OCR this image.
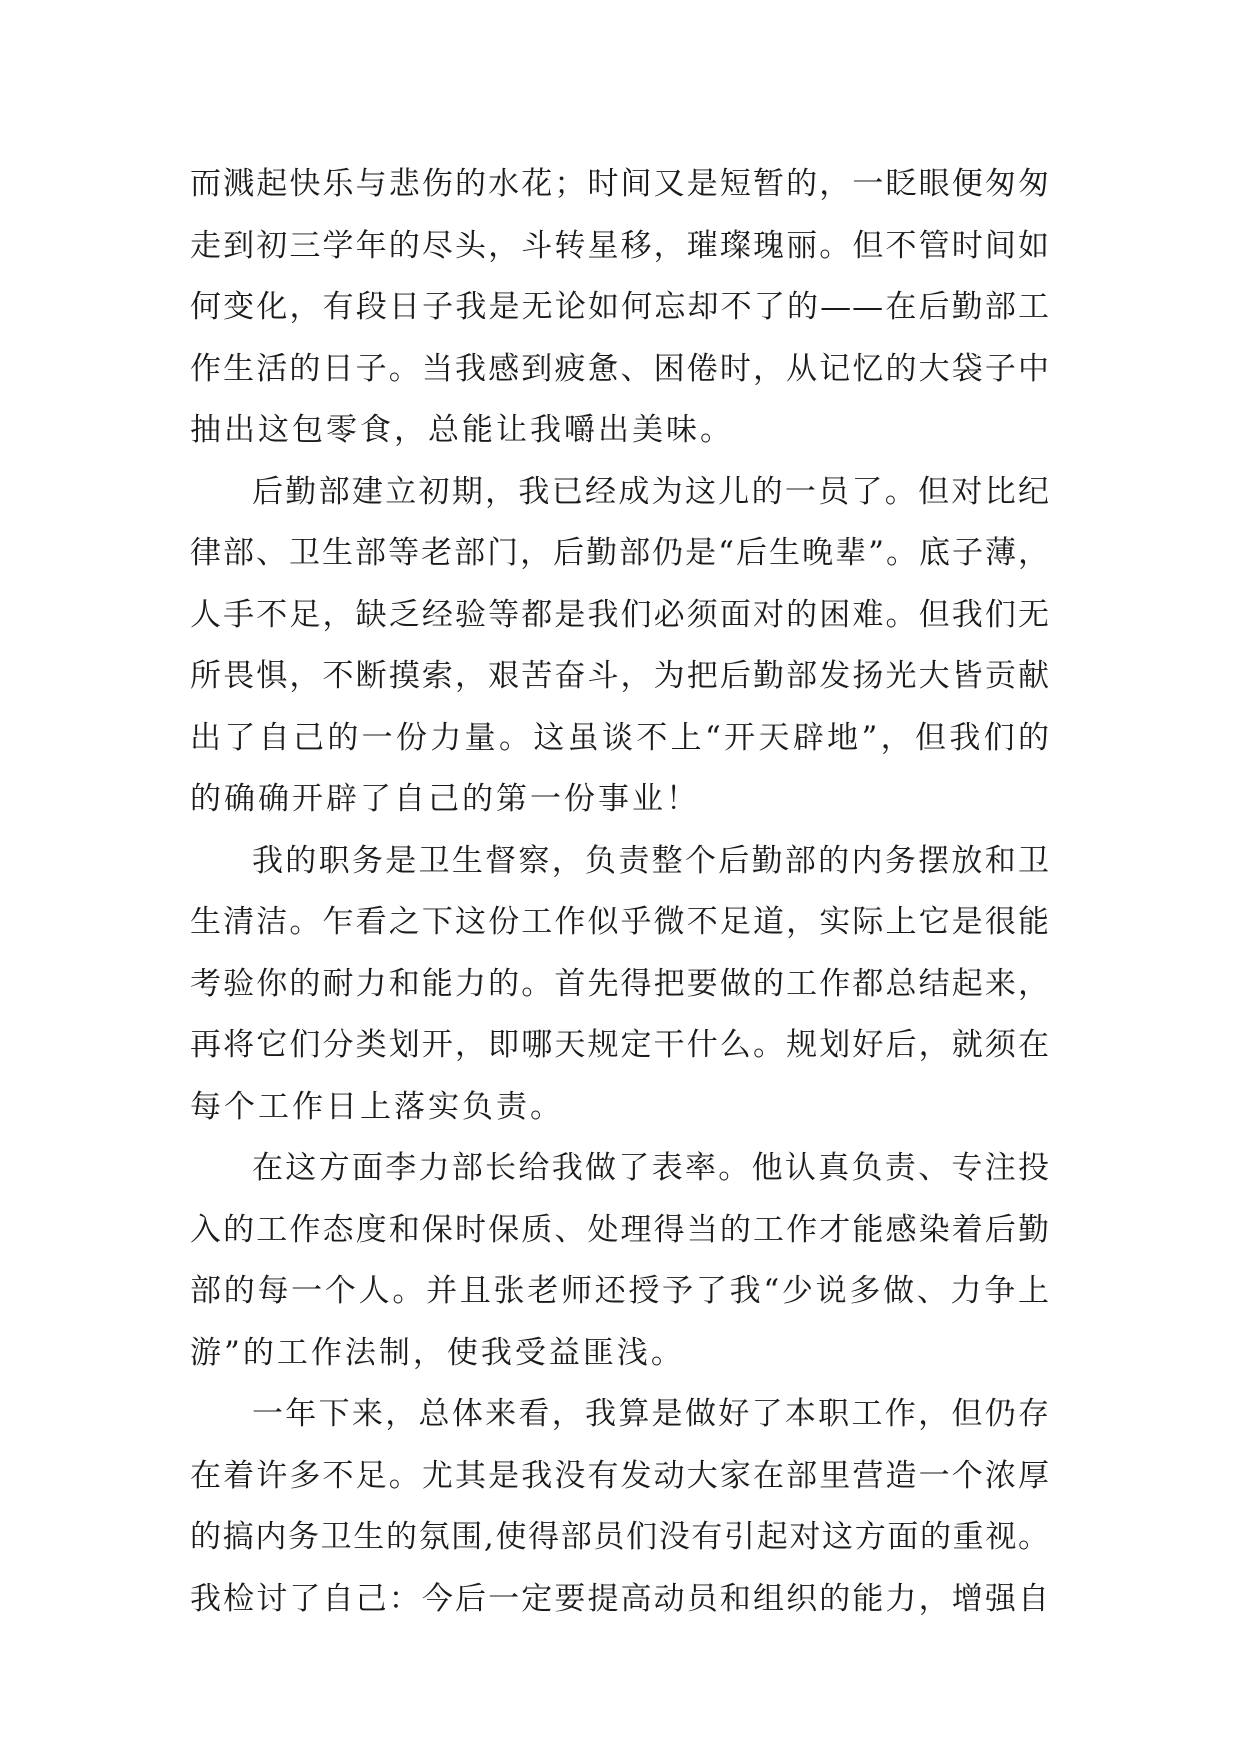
而溅起快乐与悲伤的水花；时间又是短暂的，一眨眼便匆匆
走到初三学年的尽头，斗转星移，璀璨瑰丽。但不管时间如
何变化，有段日子我是无论如何忘却不了的——在后勤部工
作生活的日子。当我感到疲惫、困倦时，从记忆的大袋子中
抽出这包零食，总能让我嚼出美味。
后勤部建立初期，我已经成为这儿的一员了。但对比纪
律部、卫生部等老部门，后勤部仍是“后生晚辈”。底子薄，
人手不足，缺乏经验等都是我们必须面对的困难。但我们无
所畏惧，不断摸索，艰苦奋斗，为把后勤部发扬光大皆贡献
出了自己的一份力量。这虽谈不上“开天辟地”，但我们的
的确确开辟了自己的第一份事业！
我的职务是卫生督察，负责整个后勤部的内务摆放和卫
生清洁。乍看之下这份工作似乎微不足道，实际上它是很能
考验你的耐力和能力的。首先得把要做的工作都总结起来，
再将它们分类划开，即哪天规定干什么。规划好后，就须在
每个工作日上落实负责。
在这方面李力部长给我做了表率。他认真负责、专注投
入的工作态度和保时保质、处理得当的工作才能感染着后勤
部的每一个人。并且张老师还授予了我“少说多做、力争上
游”的工作法制，使我受益匪浅。
一年下来，总体来看，我算是做好了本职工作，但仍存
在着许多不足。尤其是我没有发动大家在部里营造一个浓厚
的搞内务卫生的氛围,使得部员们没有引起对这方面的重视。
我检讨了自己：今后一定要提高动员和组织的能力，增强自
